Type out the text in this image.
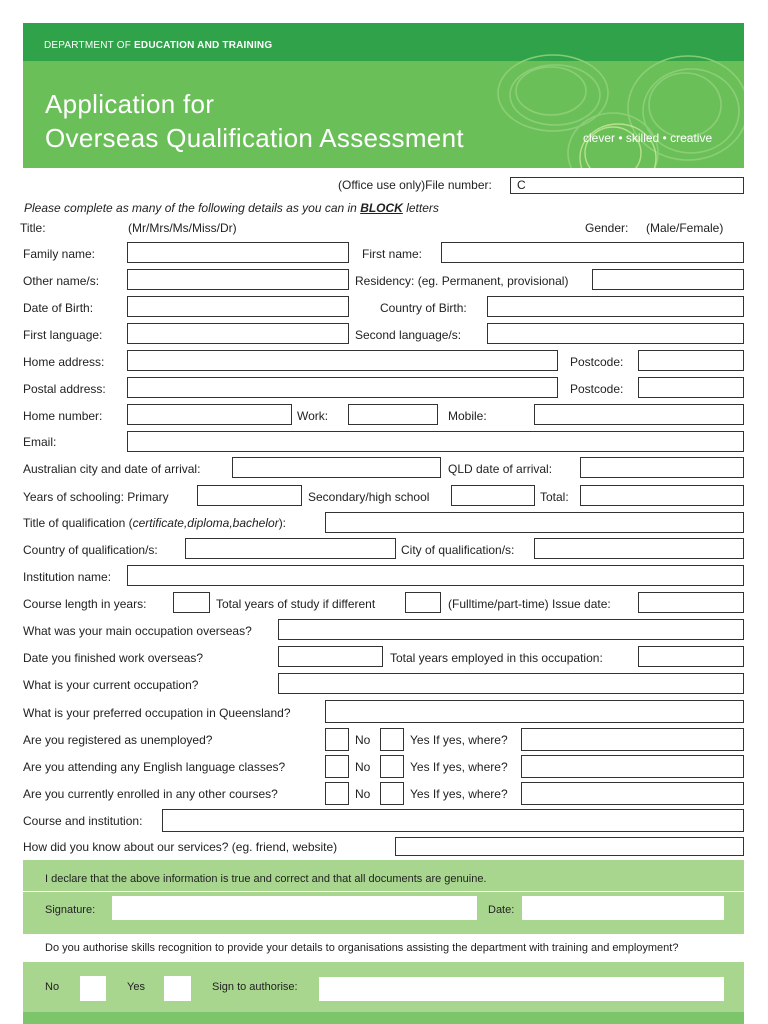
DEPARTMENT OF EDUCATION AND TRAINING
Application for
Overseas Qualification Assessment	clever • skilled • creative
(Office use only)File number:	C
Please complete as many of the following details as you can in BLOCK letters
Title:	(Mr/Mrs/Ms/Miss/Dr)	Gender: (Male/Female)
Family name:	First name:
Other name/s:	Residency: (eg. Permanent, provisional)
Date of Birth:	Country of Birth:
First language:	Second language/s:
Home address:	Postcode:
Postal address:	Postcode:
Home number:	Work:	Mobile:
Email:
Australian city and date of arrival:	QLD date of arrival:
Years of schooling: Primary	Secondary/high school	Total:
Title of qualification (certificate,diploma,bachelor):
Country of qualification/s:	City of qualification/s:
Institution name:
Course length in years:	Total years of study if different	(Fulltime/part-time) Issue date:
What was your main occupation overseas?
Date you finished work overseas?	Total years employed in this occupation:
What is your current occupation?
What is your preferred occupation in Queensland?
Are you registered as unemployed?	No	Yes If yes, where?
Are you attending any English language classes?	No	Yes If yes, where?
Are you currently enrolled in any other courses?	No	Yes If yes, where?
Course and institution:
How did you know about our services? (eg. friend, website)
I declare that the above information is true and correct and that all documents are genuine.
Signature:	Date:
Do you authorise skills recognition to provide your details to organisations assisting the department with training and employment?
No	Yes	Sign to authorise:
